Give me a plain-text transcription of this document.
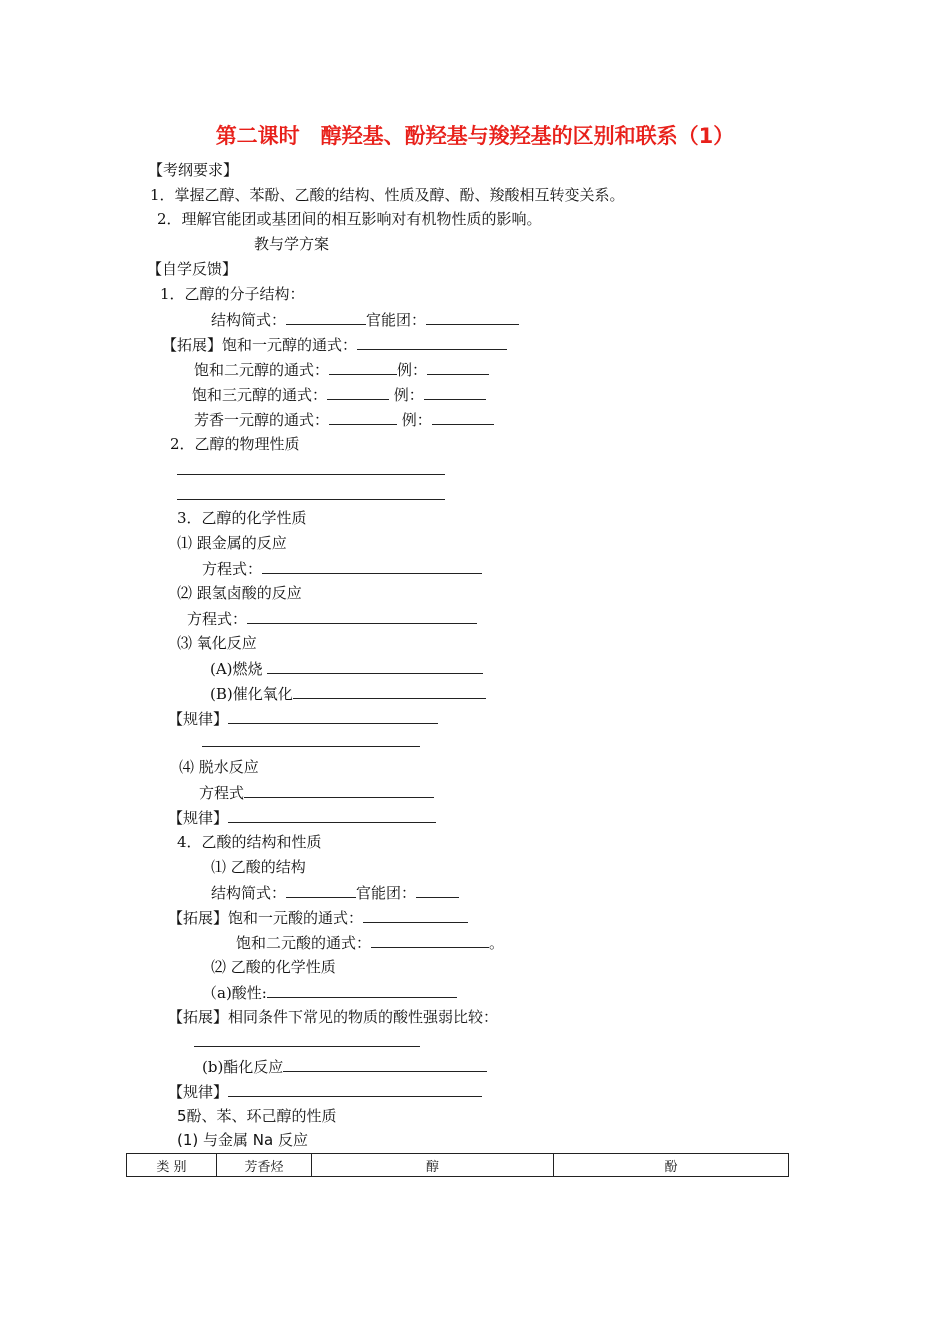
第二课时　醇羟基、酚羟基与羧羟基的区别和联系（1）
【考纲要求】
1．掌握乙醇、苯酚、乙酸的结构、性质及醇、酚、羧酸相互转变关系。
2．理解官能团或基团间的相互影响对有机物性质的影响。
教与学方案
【自学反馈】
1．乙醇的分子结构：
结构简式：	官能团：
【拓展】饱和一元醇的通式：
饱和二元醇的通式：	例：
饱和三元醇的通式：	例：
芳香一元醇的通式：	例：
2．乙醇的物理性质
3．乙醇的化学性质
⑴ 跟金属的反应
方程式：
⑵ 跟氢卤酸的反应
方程式：
⑶ 氧化反应
(A)燃烧
(B)催化氧化
【规律】
⑷ 脱水反应
方程式
【规律】
4．乙酸的结构和性质
⑴ 乙酸的结构
结构简式：	官能团：
【拓展】饱和一元酸的通式：
饱和二元酸的通式：	。
⑵ 乙酸的化学性质
（a)酸性:
【拓展】相同条件下常见的物质的酸性强弱比较：
(b)酯化反应
【规律】
5酚、苯、环己醇的性质
(1) 与金属 Na 反应
类 别	芳香烃	醇	酚
